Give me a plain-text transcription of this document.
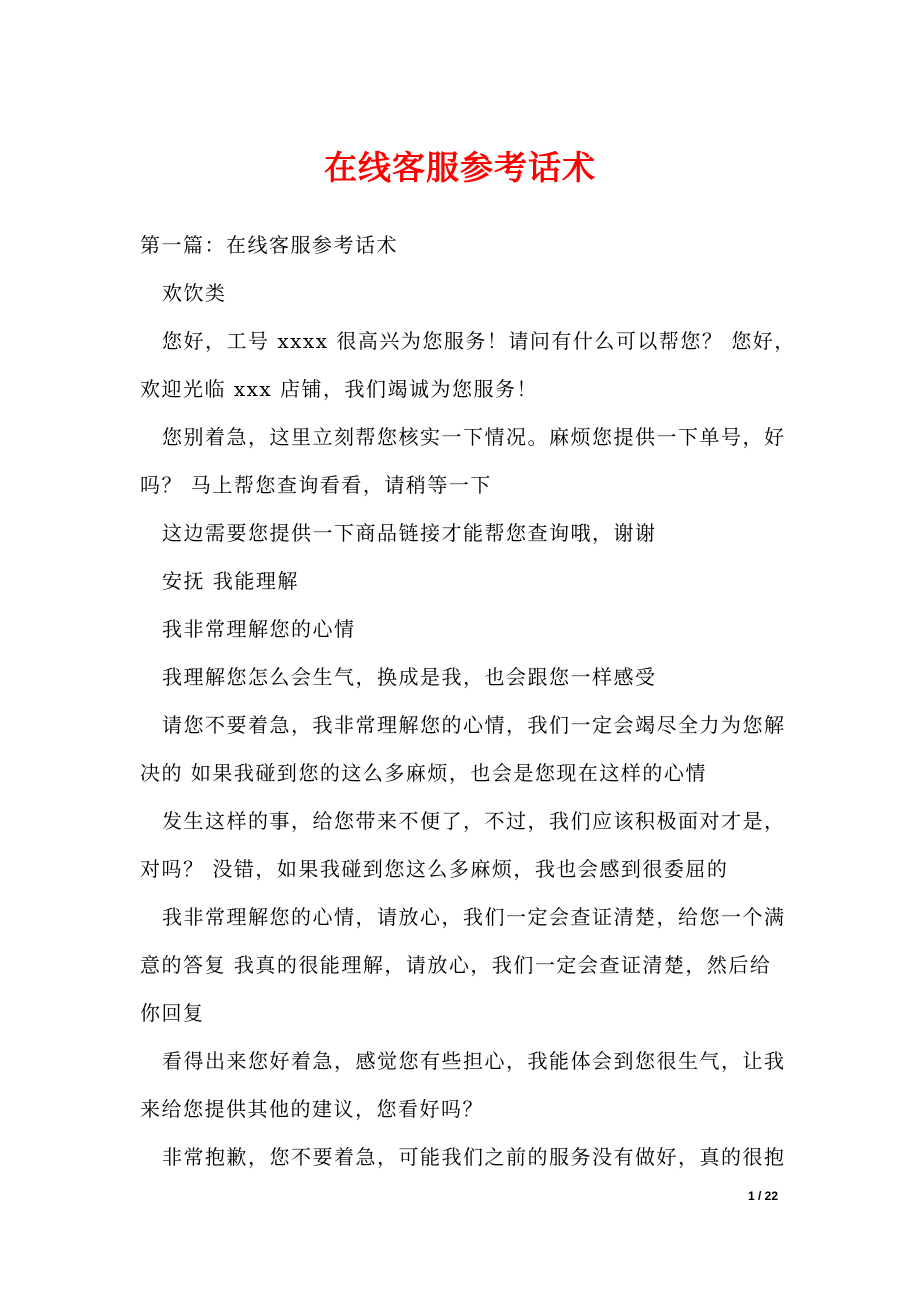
在线客服参考话术
第一篇：在线客服参考话术
欢饮类
您好，工号 xxxx 很高兴为您服务！请问有什么可以帮您？ 您好，
欢迎光临 xxx 店铺，我们竭诚为您服务！
您别着急，这里立刻帮您核实一下情况。麻烦您提供一下单号，好
吗？ 马上帮您查询看看，请稍等一下
这边需要您提供一下商品链接才能帮您查询哦，谢谢
安抚 我能理解
我非常理解您的心情
我理解您怎么会生气，换成是我，也会跟您一样感受
请您不要着急，我非常理解您的心情，我们一定会竭尽全力为您解
决的 如果我碰到您的这么多麻烦，也会是您现在这样的心情
发生这样的事，给您带来不便了，不过，我们应该积极面对才是，
对吗？ 没错，如果我碰到您这么多麻烦，我也会感到很委屈的
我非常理解您的心情，请放心，我们一定会查证清楚，给您一个满
意的答复 我真的很能理解，请放心，我们一定会查证清楚，然后给
你回复
看得出来您好着急，感觉您有些担心，我能体会到您很生气，让我
来给您提供其他的建议，您看好吗？
非常抱歉，您不要着急，可能我们之前的服务没有做好，真的很抱
1 / 22
